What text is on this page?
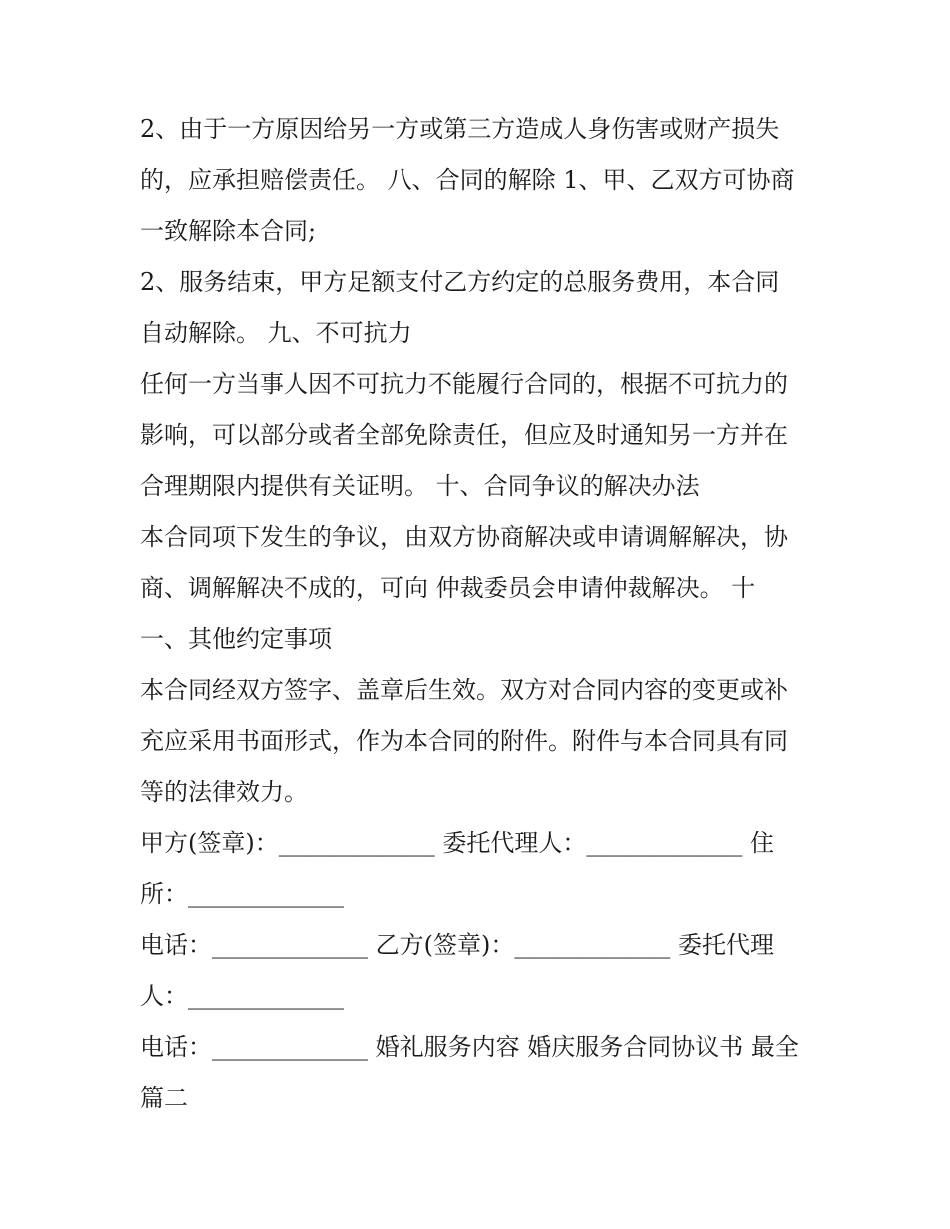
2、由于一方原因给另一方或第三方造成人身伤害或财产损失
的，应承担赔偿责任。 八、合同的解除 1、甲、乙双方可协商
一致解除本合同;
2、服务结束，甲方足额支付乙方约定的总服务费用，本合同
自动解除。 九、不可抗力
任何一方当事人因不可抗力不能履行合同的，根据不可抗力的
影响，可以部分或者全部免除责任，但应及时通知另一方并在
合理期限内提供有关证明。 十、合同争议的解决办法
本合同项下发生的争议，由双方协商解决或申请调解解决，协
商、调解解决不成的，可向 仲裁委员会申请仲裁解决。 十
一、其他约定事项
本合同经双方签字、盖章后生效。双方对合同内容的变更或补
充应采用书面形式，作为本合同的附件。附件与本合同具有同
等的法律效力。
甲方(签章)：_____________ 委托代理人：_____________ 住
所：_____________
电话：_____________ 乙方(签章)：_____________ 委托代理
人：_____________
电话：_____________ 婚礼服务内容 婚庆服务合同协议书 最全
篇二
